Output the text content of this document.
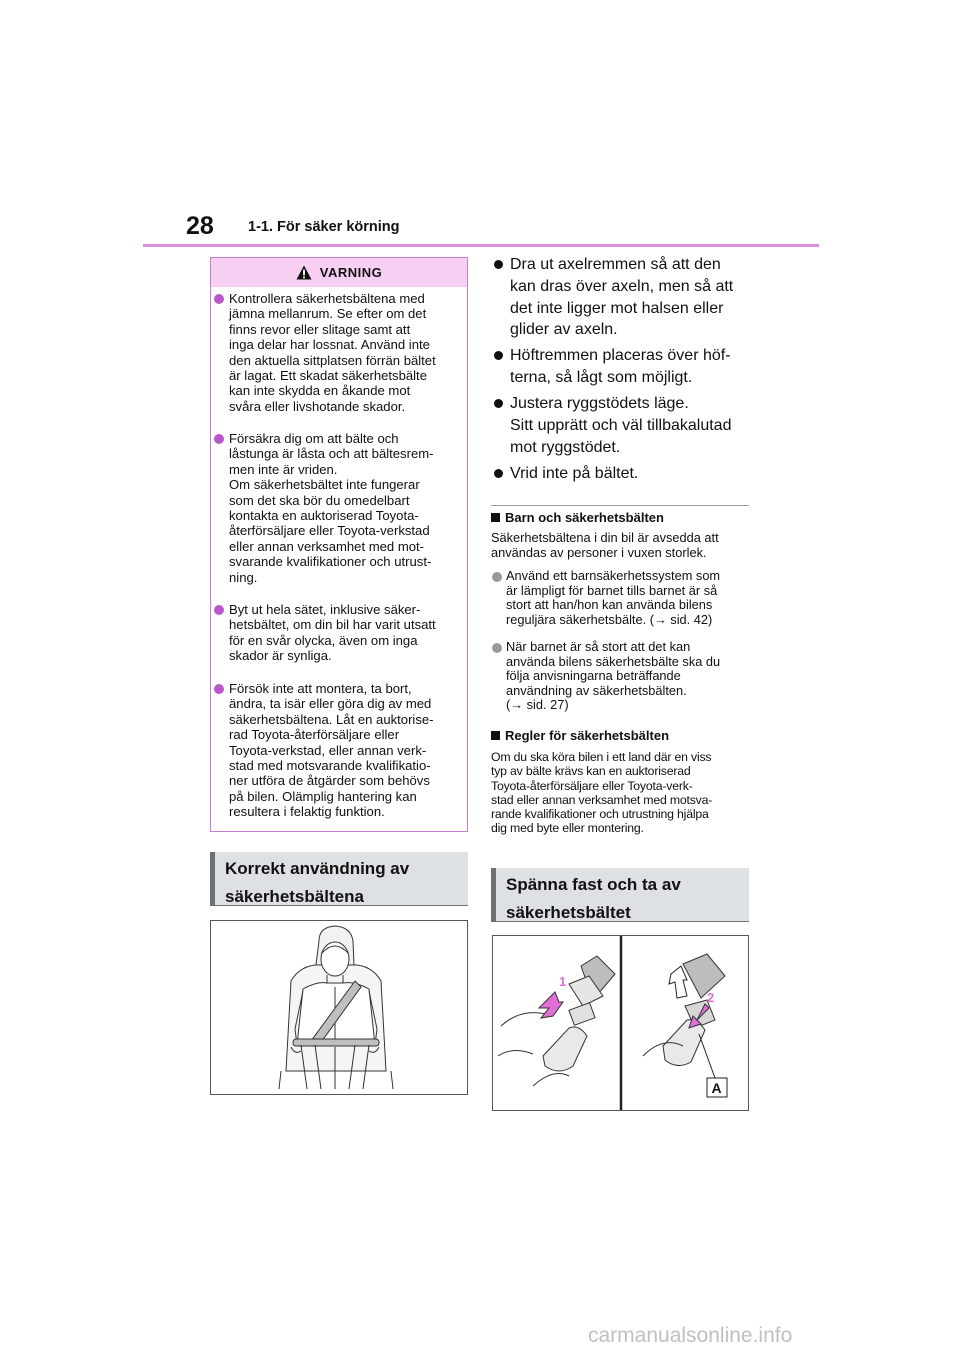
28 1-1. För säker körning
VARNING
Kontrollera säkerhetsbältena med
jämna mellanrum. Se efter om det
finns revor eller slitage samt att
inga delar har lossnat. Använd inte
den aktuella sittplatsen förrän bältet
är lagat. Ett skadat säkerhetsbälte
kan inte skydda en åkande mot
svåra eller livshotande skador.
Försäkra dig om att bälte och
låstunga är låsta och att bältesrem-
men inte är vriden.
Om säkerhetsbältet inte fungerar
som det ska bör du omedelbart
kontakta en auktoriserad Toyota-
återförsäljare eller Toyota-verkstad
eller annan verksamhet med mot-
svarande kvalifikationer och utrust-
ning.
Byt ut hela sätet, inklusive säker-
hetsbältet, om din bil har varit utsatt
för en svår olycka, även om inga
skador är synliga.
Försök inte att montera, ta bort,
ändra, ta isär eller göra dig av med
säkerhetsbältena. Låt en auktorise-
rad Toyota-återförsäljare eller
Toyota-verkstad, eller annan verk-
stad med motsvarande kvalifikatio-
ner utföra de åtgärder som behövs
på bilen. Olämplig hantering kan
resultera i felaktig funktion.
Korrekt användning av
säkerhetsbältena
Dra ut axelremmen så att den
kan dras över axeln, men så att
det inte ligger mot halsen eller
glider av axeln.
Höftremmen placeras över höf-
terna, så lågt som möjligt.
Justera ryggstödets läge.
Sitt upprätt och väl tillbakalutad
mot ryggstödet.
Vrid inte på bältet.
Barn och säkerhetsbälten
Säkerhetsbältena i din bil är avsedda att
användas av personer i vuxen storlek.
Använd ett barnsäkerhetssystem som
är lämpligt för barnet tills barnet är så
stort att han/hon kan använda bilens
reguljära säkerhetsbälte. (→ sid. 42)
När barnet är så stort att det kan
använda bilens säkerhetsbälte ska du
följa anvisningarna beträffande
användning av säkerhetsbälten.
(→ sid. 27)
Regler för säkerhetsbälten
Om du ska köra bilen i ett land där en viss
typ av bälte krävs kan en auktoriserad
Toyota-återförsäljare eller Toyota-verk-
stad eller annan verksamhet med motsva-
rande kvalifikationer och utrustning hjälpa
dig med byte eller montering.
Spänna fast och ta av
säkerhetsbältet
1
2
A
carmanualsonline.info
